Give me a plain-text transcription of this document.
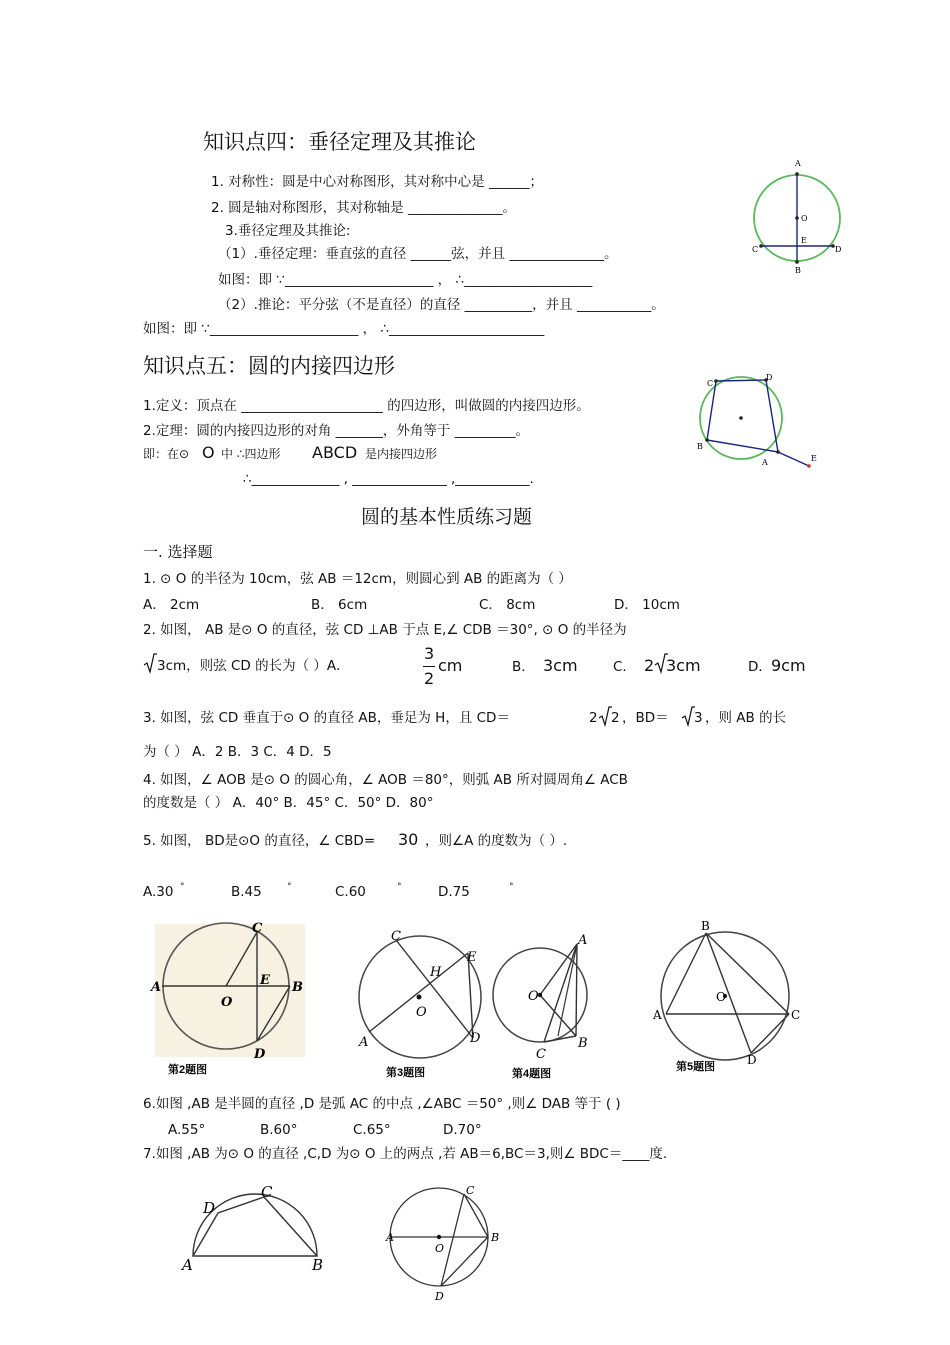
知识点四：垂径定理及其推论
1. 对称性：圆是中心对称图形，其对称中心是 ______；
2. 圆是轴对称图形，其对称轴是 ______________。
3.垂径定理及其推论:
（1）.垂径定理：垂直弦的直径 ______弦，并且 ______________。
如图：即 ∵______________________ ， ∴___________________
（2）.推论：平分弦（不是直径）的直径 __________，并且 ___________。
如图：即 ∵______________________ ， ∴_______________________
A
B
C	D
E
O
知识点五：圆的内接四边形
1.定义：顶点在 _____________________ 的四边形，叫做圆的内接四边形。
2.定理：圆的内接四边形的对角 _______，外角等于 _________。
即：在⊙ O 中 ∴四边形 ABCD 是内接四边形
∴_____________ , ______________ ,___________.
C
D
B
A	E
圆的基本性质练习题
一. 选择题
1. ⊙ O 的半径为 10cm，弦 AB ＝12cm，则圆心到 AB 的距离为（ ）
A． 2cm	B． 6cm	C． 8cm	D． 10cm
2. 如图， AB 是⊙ O 的直径，弦 CD ⊥AB 于点 E,∠ CDB ＝30°, ⊙ O 的半径为
3cm，则弦 CD 的长为（ ）A．
3
2
cm	B． 3cm	C． 2 3cm	D． 9cm
3. 如图，弦 CD 垂直于⊙ O 的直径 AB，垂足为 H，且 CD＝	2 2 ，BD＝ 3 ，则 AB 的长
为（ ） A．2 B．3 C．4 D．5
4. 如图，∠ AOB 是⊙ O 的圆心角，∠ AOB ＝80°，则弧 AB 所对圆周角∠ ACB
的度数是（ ） A．40° B．45° C．50° D．80°
5. 如图， BD是⊙O 的直径，∠ CBD= 30 ，则∠A 的度数为（ ）.
A.30 °	B.45	°	C.60	°	D.75	°
C
A	B
E
O
D
第2题图
C
E
H
O
A	D
第3题图
A
O
B
C
第4题图
B
A	C
D
O
第5题图
6.如图 ,AB 是半圆的直径 ,D 是弧 AC 的中点 ,∠ABC ＝50° ,则∠ DAB 等于 ( )
A.55°	B.60°	C.65°	D.70°
7.如图 ,AB 为⊙ O 的直径 ,C,D 为⊙ O 上的两点 ,若 AB＝6,BC＝3,则∠ BDC＝____度.
A	B
D
C
A	B
C
D
O
